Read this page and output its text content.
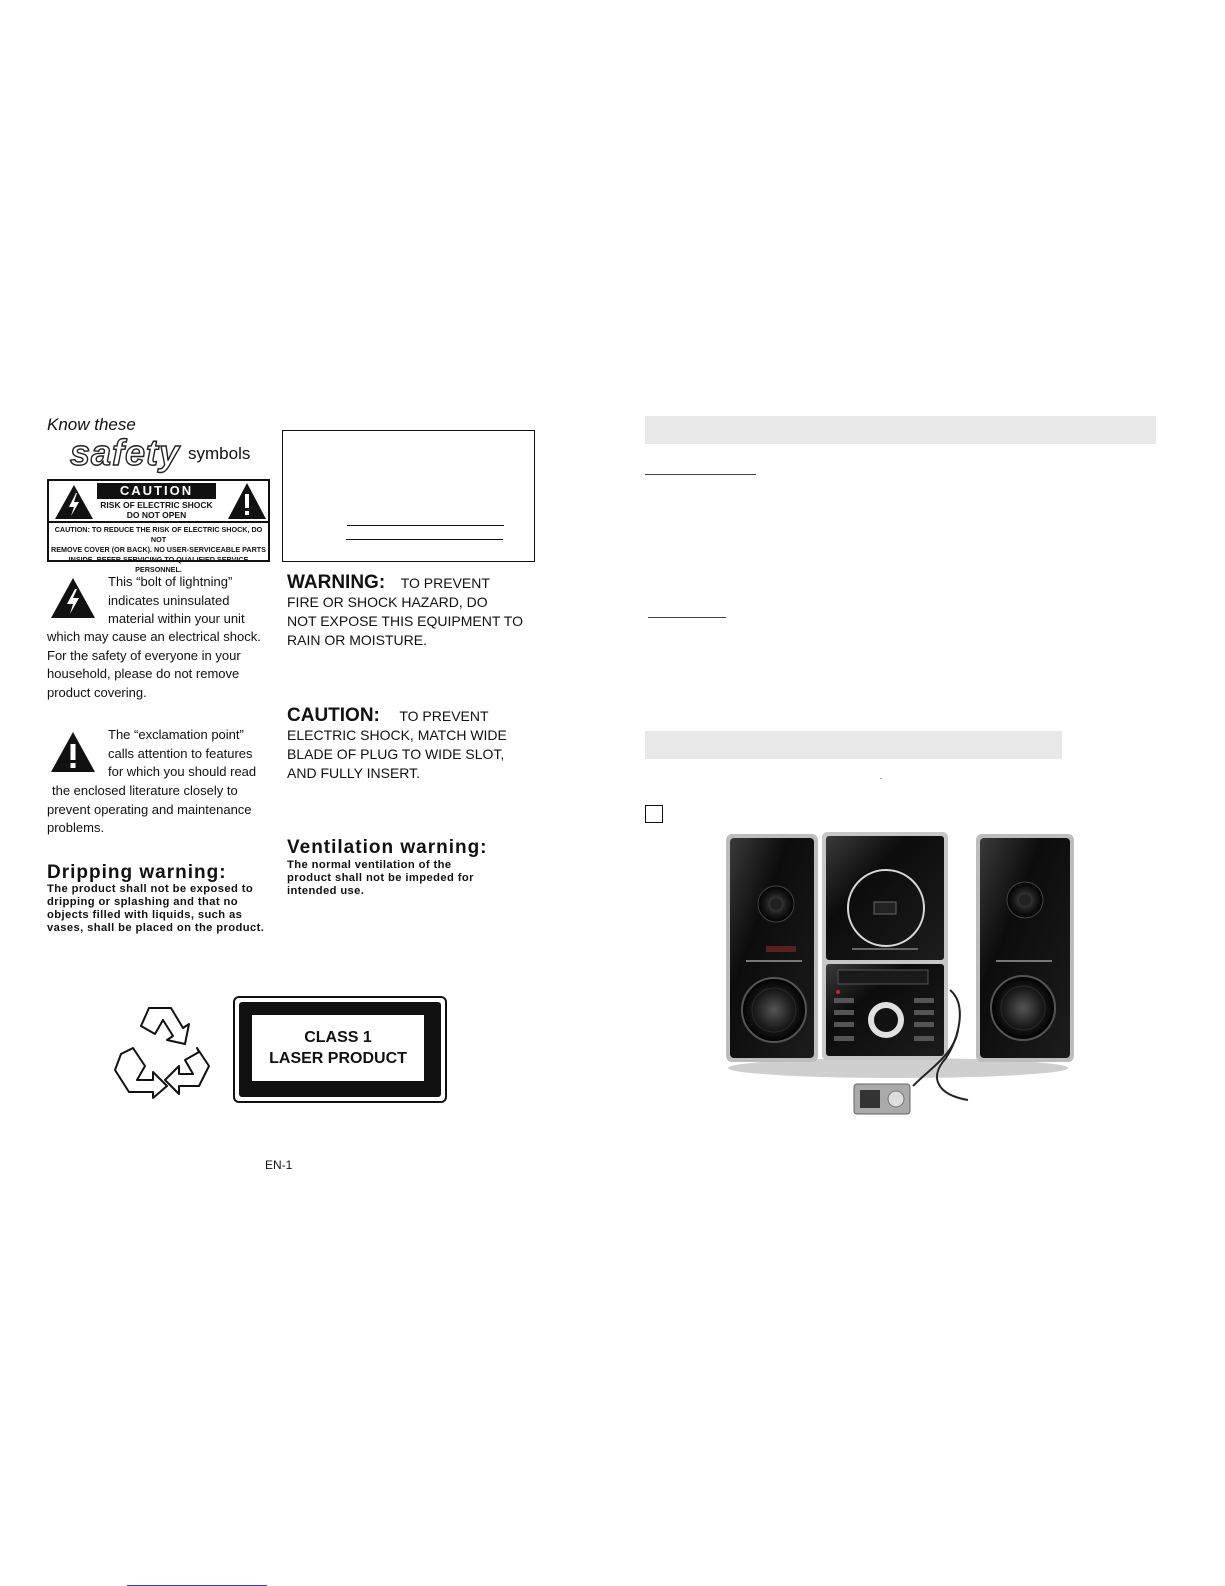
Know these
safety symbols
CAUTION
RISK OF ELECTRIC SHOCK
DO NOT OPEN
CAUTION: TO REDUCE THE RISK OF ELECTRIC SHOCK, DO NOT
REMOVE COVER (OR BACK). NO USER-SERVICEABLE PARTS
INSIDE. REFER SERVICING TO QUALIFIED SERVICE PERSONNEL.
This “bolt of lightning”
indicates uninsulated
material within your unit
which may cause an electrical shock.
For the safety of everyone in your
household, please do not remove
product covering.
The “exclamation point”
calls attention to features
for which you should read
the enclosed literature closely to
prevent operating and maintenance
problems.
Dripping warning:
The product shall not be exposed to
dripping or splashing and that no
objects filled with liquids, such as
vases, shall be placed on the product.
CLASS 1
LASER PRODUCT
EN-1
WARNING: TO PREVENT
FIRE OR SHOCK HAZARD, DO
NOT EXPOSE THIS EQUIPMENT TO
RAIN OR MOISTURE.
CAUTION: TO PREVENT
ELECTRIC SHOCK, MATCH WIDE
BLADE OF PLUG TO WIDE SLOT,
AND FULLY INSERT.
Ventilation warning:
The normal ventilation of the
product shall not be impeded for
intended use.
